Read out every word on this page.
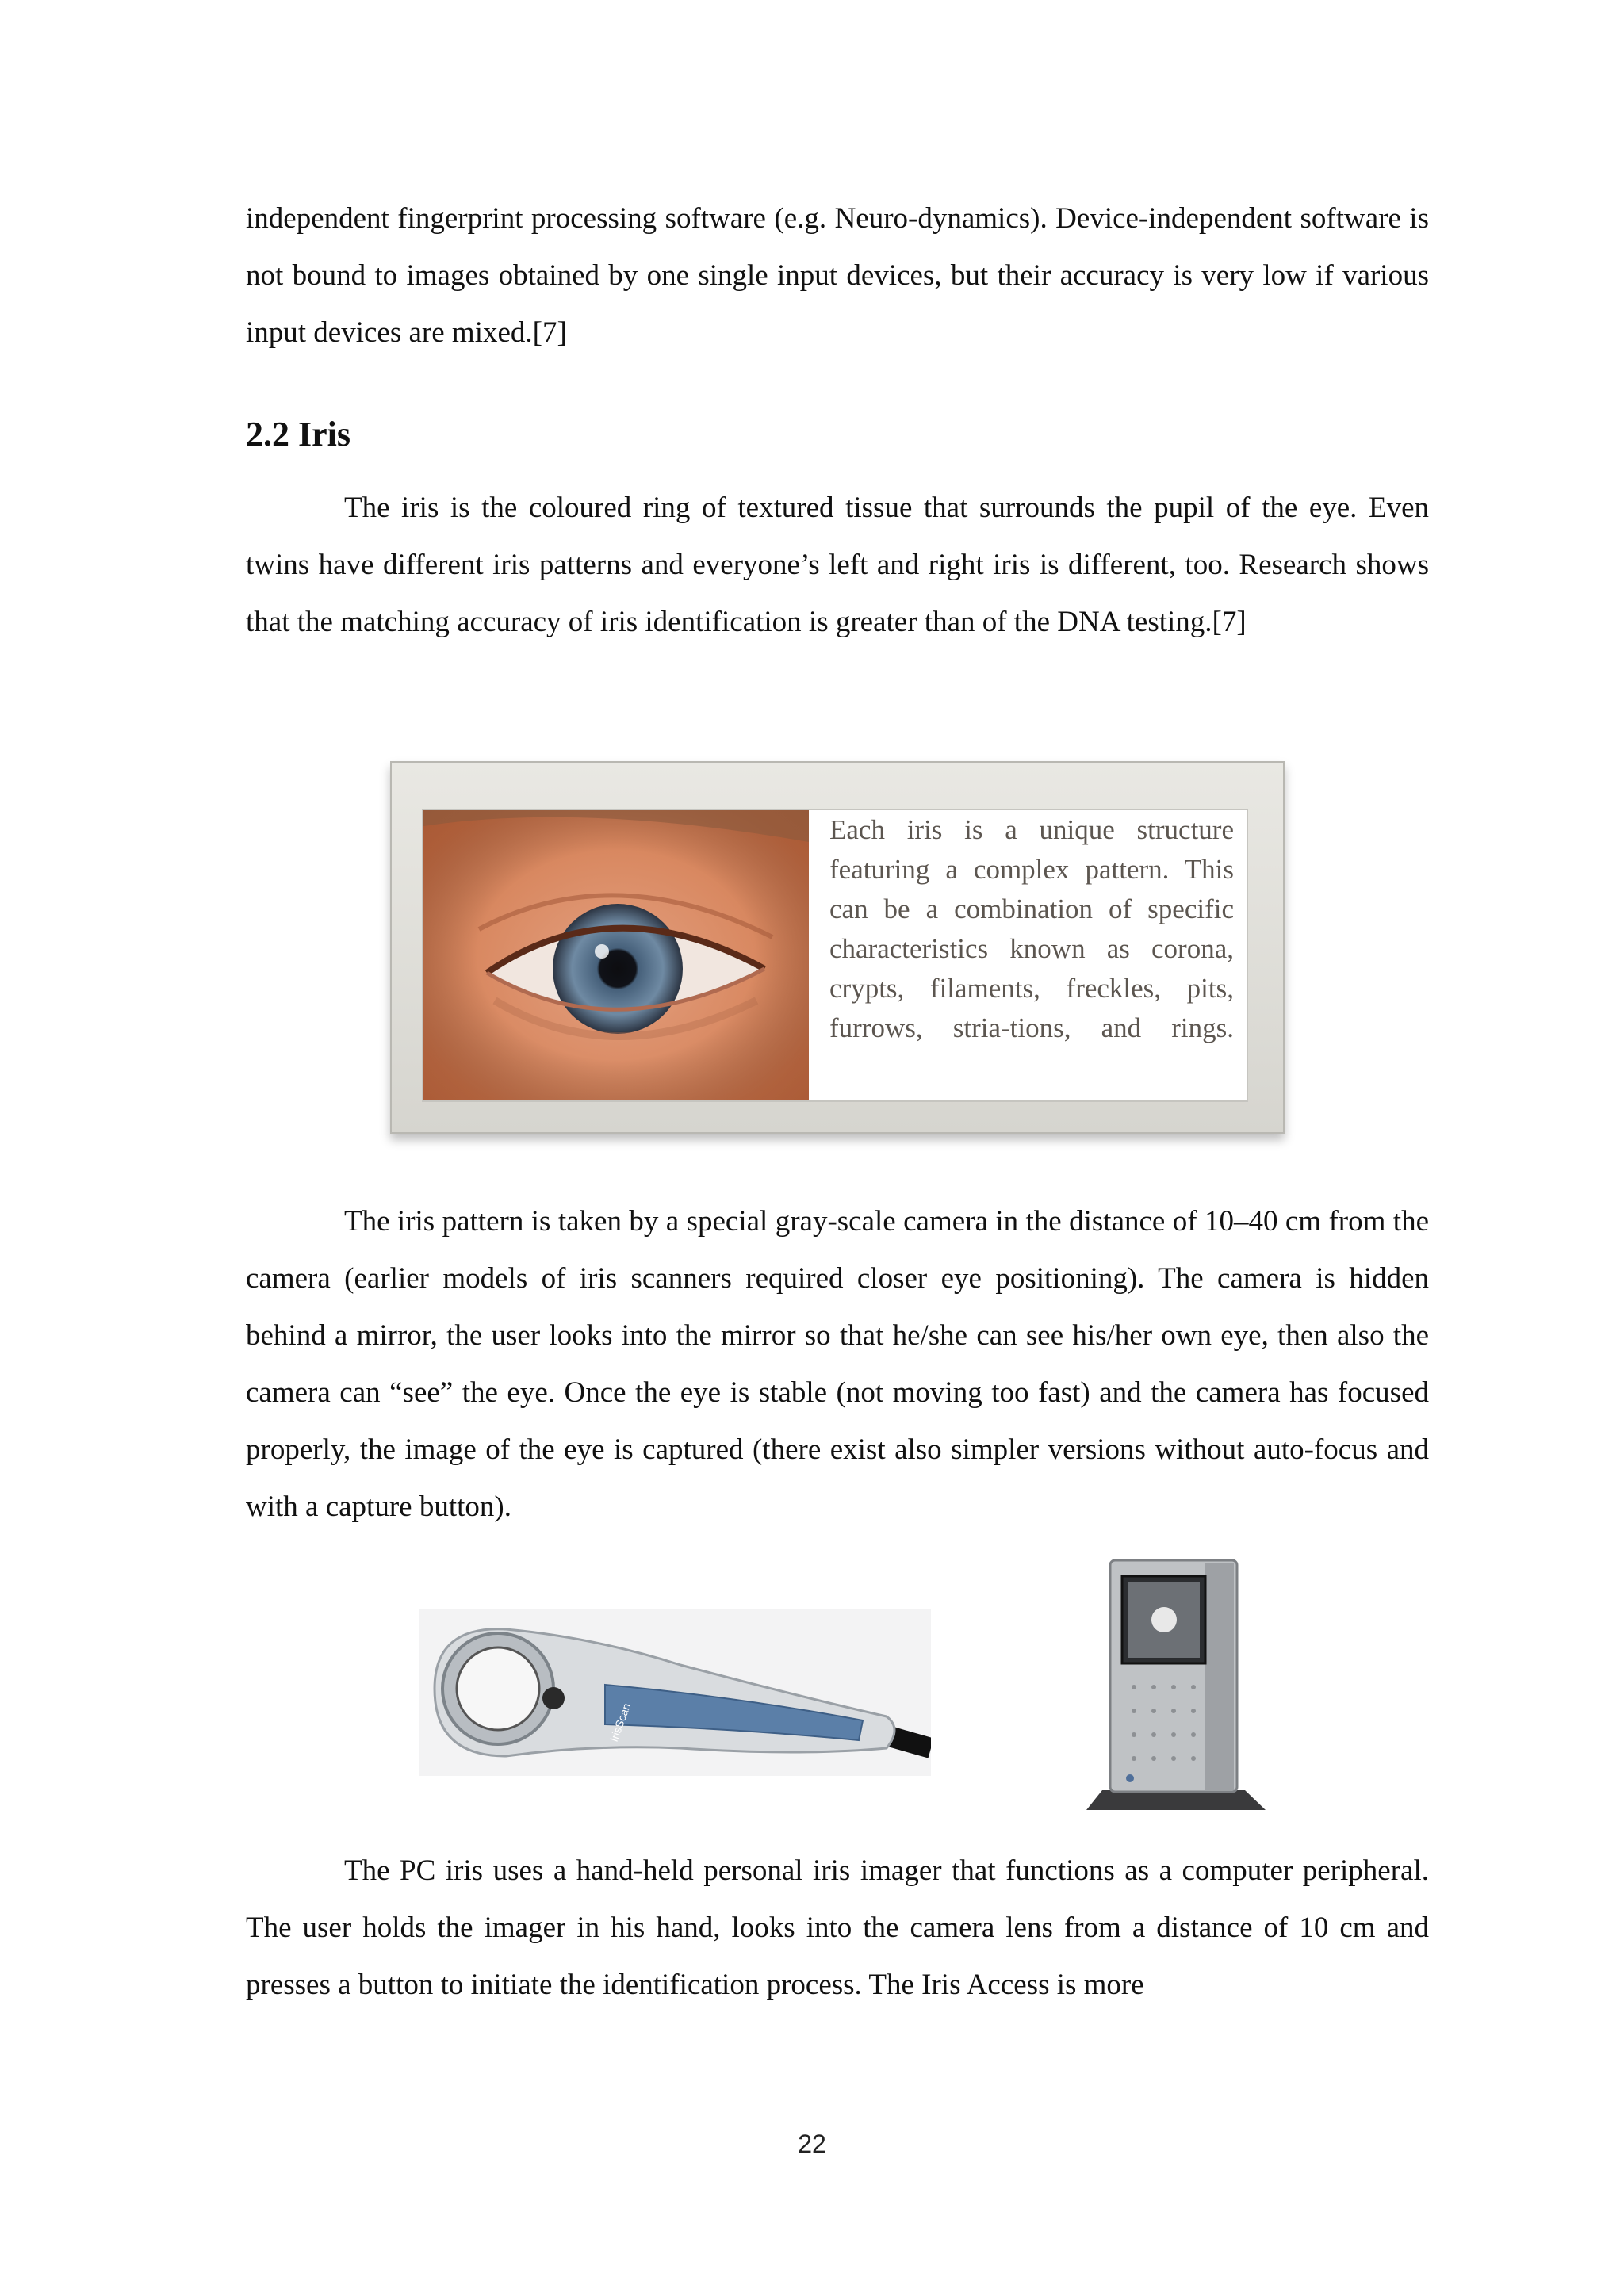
independent fingerprint processing software (e.g. Neuro-dynamics). Device-independent software is not bound to images obtained by one single input devices, but their accuracy is very low if various input devices are mixed.[7]

2.2 Iris

The iris is the coloured ring of textured tissue that surrounds the pupil of the eye. Even twins have different iris patterns and everyone’s left and right iris is different, too. Research shows that the matching accuracy of iris identification is greater than of the DNA testing.[7]

Each iris is a unique structure featuring a complex pattern. This can be a combination of specific characteristics known as corona, crypts, filaments, freckles, pits, furrows, stria-tions, and rings.

The iris pattern is taken by a special gray-scale camera in the distance of 10–40 cm from the camera (earlier models of iris scanners required closer eye positioning). The camera is hidden behind a mirror, the user looks into the mirror so that he/she can see his/her own eye, then also the camera can “see” the eye. Once the eye is stable (not moving too fast) and the camera has focused properly, the image of the eye is captured (there exist also simpler versions without auto-focus and with a capture button).

IrisScan

The PC iris uses a hand-held personal iris imager that functions as a computer peripheral. The user holds the imager in his hand, looks into the camera lens from a distance of 10 cm and presses a button to initiate the identification process. The Iris Access is more

22
